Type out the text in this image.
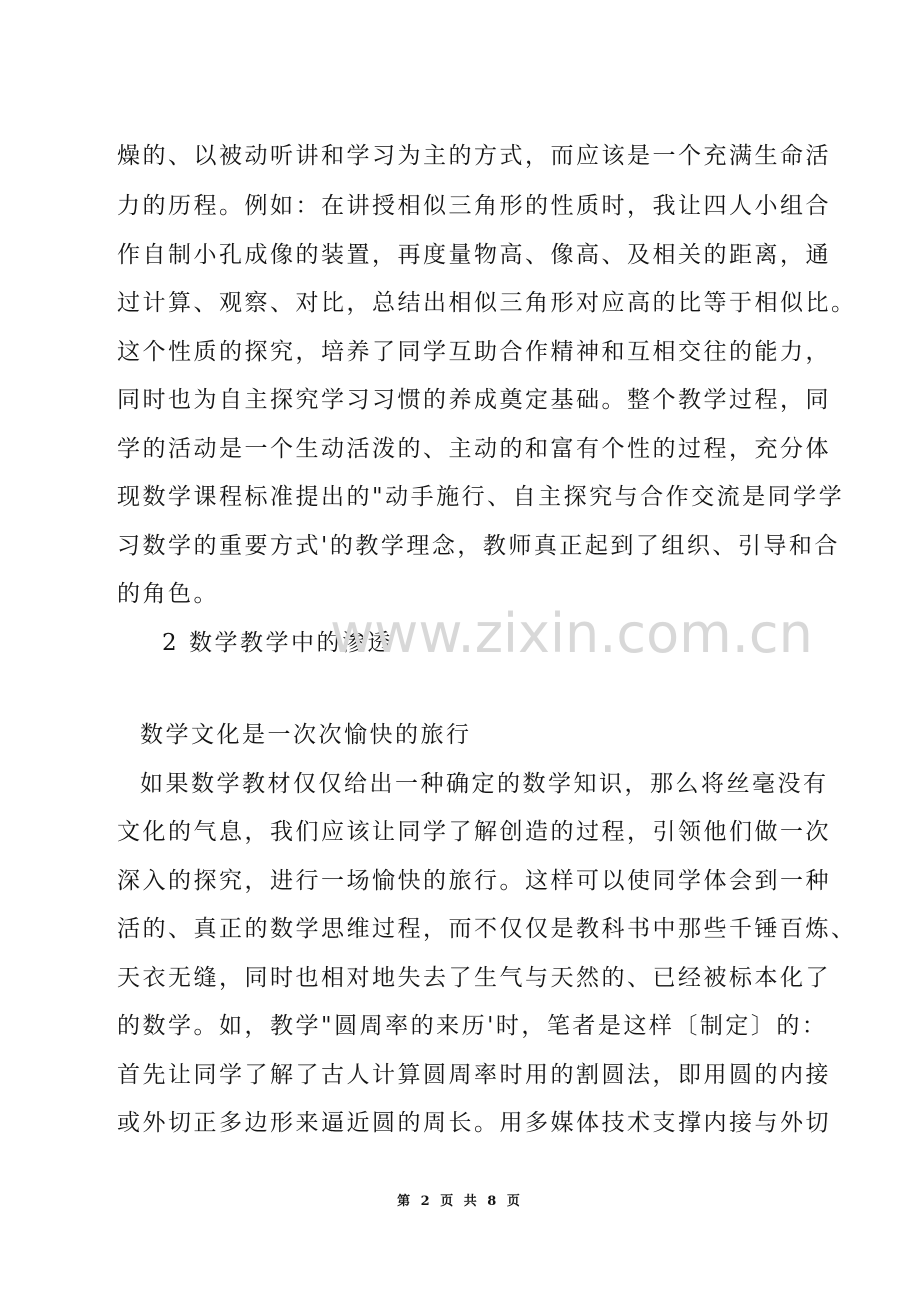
燥的、以被动听讲和学习为主的方式，而应该是一个充满生命活
力的历程。例如：在讲授相似三角形的性质时，我让四人小组合
作自制小孔成像的装置，再度量物高、像高、及相关的距离，通
过计算、观察、对比，总结出相似三角形对应高的比等于相似比。
这个性质的探究，培养了同学互助合作精神和互相交往的能力，
同时也为自主探究学习习惯的养成奠定基础。整个教学过程，同
学的活动是一个生动活泼的、主动的和富有个性的过程，充分体
现数学课程标准提出的"动手施行、自主探究与合作交流是同学学
习数学的重要方式'的教学理念，教师真正起到了组织、引导和合
的角色。
2 数学教学中的渗透
www.zixin.com.cn
数学文化是一次次愉快的旅行
如果数学教材仅仅给出一种确定的数学知识，那么将丝毫没有
文化的气息，我们应该让同学了解创造的过程，引领他们做一次
深入的探究，进行一场愉快的旅行。这样可以使同学体会到一种
活的、真正的数学思维过程，而不仅仅是教科书中那些千锤百炼、
天衣无缝，同时也相对地失去了生气与天然的、已经被标本化了
的数学。如，教学"圆周率的来历'时，笔者是这样〔制定〕的：
首先让同学了解了古人计算圆周率时用的割圆法，即用圆的内接
或外切正多边形来逼近圆的周长。用多媒体技术支撑内接与外切
第 2 页 共 8 页
